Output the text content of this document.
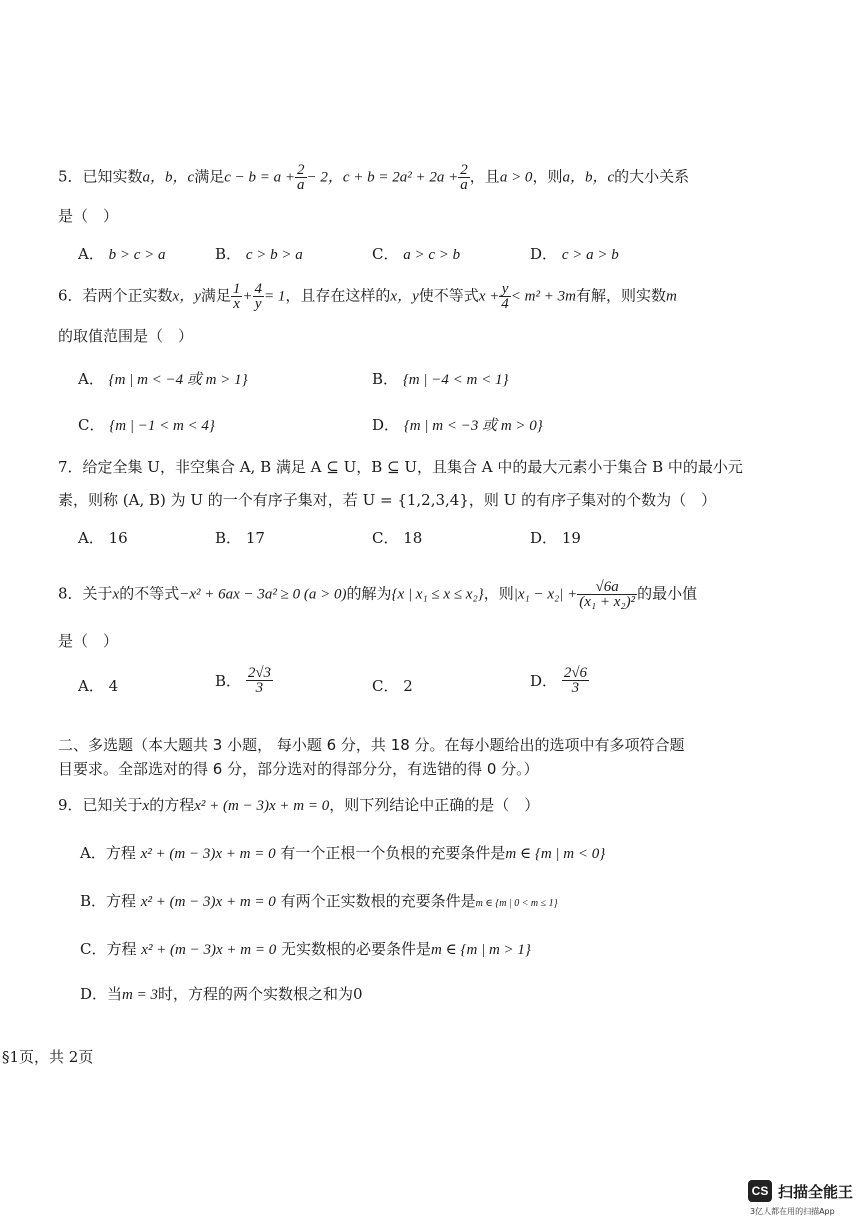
5．已知实数a，b，c满足$c - b = a + \frac{2}{a} - 2$，$c + b = 2a^2 + 2a + \frac{2}{a}$ ，且a > 0，则a，b，c的大小关系
是（　）
A． b > c > a	B． c > b > a	C． a > c > b	D． c > a > b
6．若两个正实数x，y满足 $\frac{1}{x} + \frac{4}{y} = 1$，且存在这样的x，y使不等式$x + \frac{y}{4} < m^2 + 3m$有解，则实数m
的取值范围是（　）
A． {m | m < −4 或 m > 1}	B． {m | −4 < m < 1}
C． {m | −1 < m < 4}	D． {m | m < −3 或 m > 0}
7．给定全集 U，非空集合 A, B 满足 A ⊆ U，B ⊆ U，且集合 A 中的最大元素小于集合 B 中的最小元
素，则称 (A, B) 为 U 的一个有序子集对，若 U = {1,2,3,4}，则 U 的有序子集对的个数为（　）
A． 16	B． 17	C． 18	D． 19
8．关于x的不等式−x² + 6ax − 3a² ≥ 0 (a > 0)的解为{x | x₁ ≤ x ≤ x₂}，则$|x_1 - x_2| + \frac{√6a}{\text{(x₁ + x₂)²}}$ 的最小值
是（　）
A． 4	B． $\frac{2√3}{3}$	C． 2	D． $\frac{2√6}{3}$
二、多选题（本大题共 3 小题， 每小题 6 分，共 18 分。在每小题给出的选项中有多项符合题
目要求。全部选对的得 6 分，部分选对的得部分分，有选错的得 0 分。）
9．已知关于x的方程x² + (m − 3)x + m = 0，则下列结论中正确的是（　）
A．方程 x² + (m − 3)x + m = 0 有一个正根一个负根的充要条件是m ∈ {m | m < 0}
B．方程 x² + (m − 3)x + m = 0 有两个正实数根的充要条件是m ∈ {m | 0 < m ≤ 1}
C．方程 x² + (m − 3)x + m = 0 无实数根的必要条件是m ∈ {m | m > 1}
D．当m = 3时，方程的两个实数根之和为0
§1页，共 2页
CS 扫描全能王
3亿人都在用的扫描App
